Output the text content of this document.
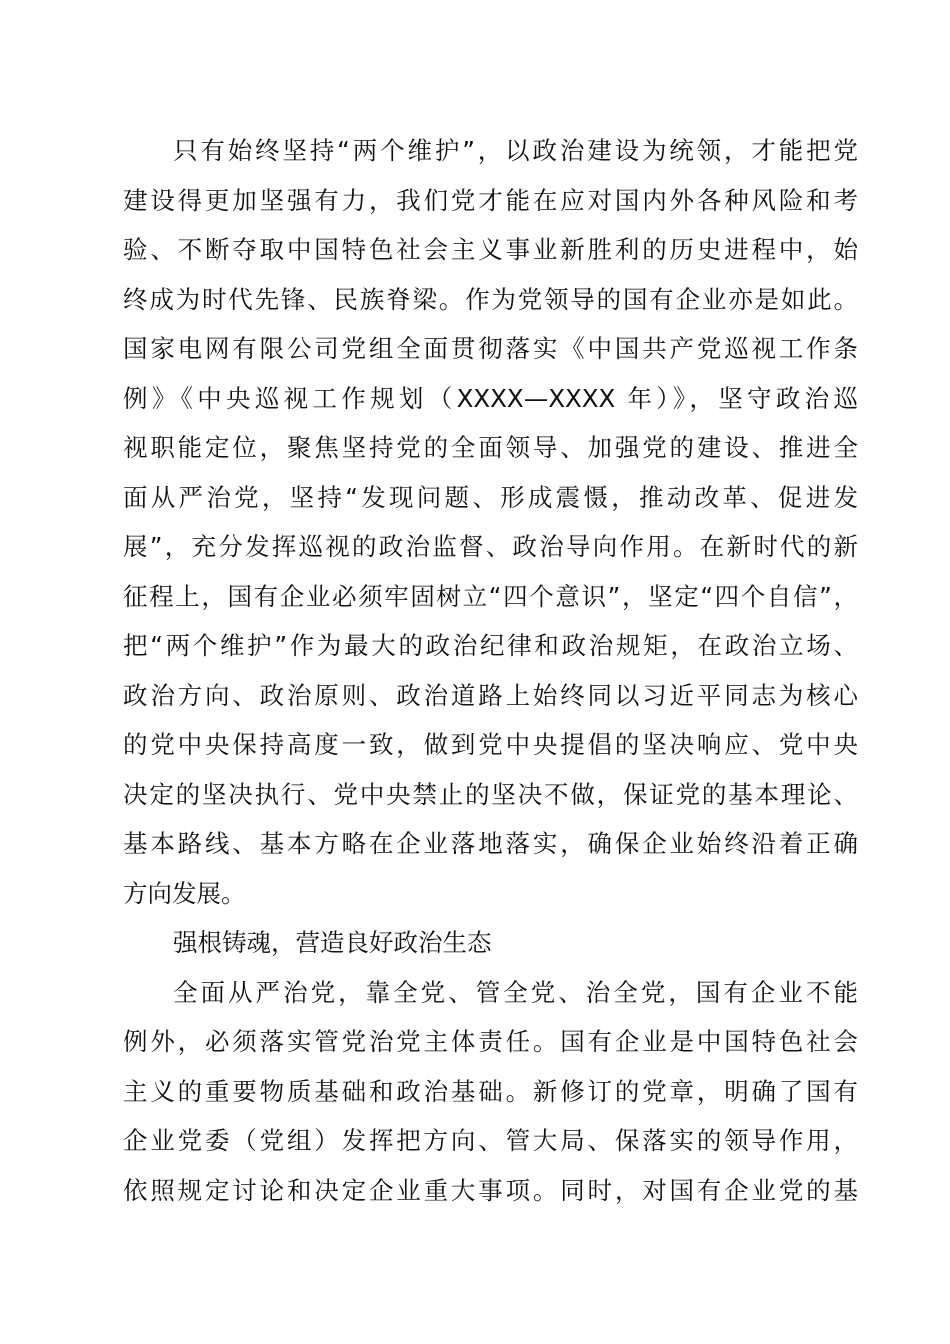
只有始终坚持“两个维护”，以政治建设为统领，才能把党
建设得更加坚强有力，我们党才能在应对国内外各种风险和考
验、不断夺取中国特色社会主义事业新胜利的历史进程中，始
终成为时代先锋、民族脊梁。作为党领导的国有企业亦是如此。
国家电网有限公司党组全面贯彻落实《中国共产党巡视工作条
例》《中央巡视工作规划（XXXX—XXXX 年）》，坚守政治巡
视职能定位，聚焦坚持党的全面领导、加强党的建设、推进全
面从严治党，坚持“发现问题、形成震慑，推动改革、促进发
展”，充分发挥巡视的政治监督、政治导向作用。在新时代的新
征程上，国有企业必须牢固树立“四个意识”，坚定“四个自信”，
把“两个维护”作为最大的政治纪律和政治规矩，在政治立场、
政治方向、政治原则、政治道路上始终同以习近平同志为核心
的党中央保持高度一致，做到党中央提倡的坚决响应、党中央
决定的坚决执行、党中央禁止的坚决不做，保证党的基本理论、
基本路线、基本方略在企业落地落实，确保企业始终沿着正确
方向发展。
强根铸魂，营造良好政治生态
全面从严治党，靠全党、管全党、治全党，国有企业不能
例外，必须落实管党治党主体责任。国有企业是中国特色社会
主义的重要物质基础和政治基础。新修订的党章，明确了国有
企业党委（党组）发挥把方向、管大局、保落实的领导作用，
依照规定讨论和决定企业重大事项。同时，对国有企业党的基
